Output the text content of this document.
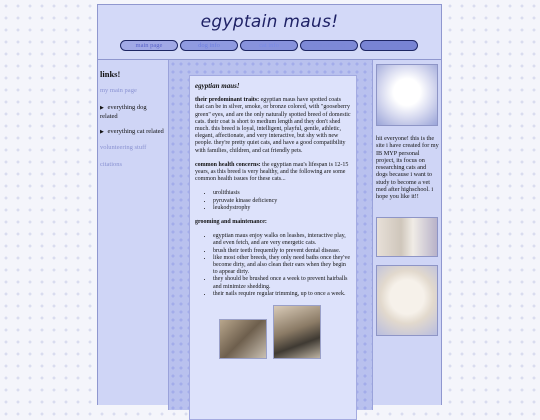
egyptain maus!
main page	dog info	cat info	volunteering	citations
links!
my main page
▶ everything dog related
▶ everything cat related
volunteering stuff
citations
egyptian maus!

their predominant traits: egyptian maus have spotted coats that can be in silver, smoke, or bronze colored, with "gooseberry green" eyes, and are the only naturally spotted breed of domestic cats. their coat is short to medium length and they don't shed much. this breed is loyal, intelligent, playful, gentle, athletic, elegant, affectionate, and very interactive, but shy with new people. they're pretty quiet cats, and have a good compatibility with families, children, and cat friendly pets.

common health concerns: the egyptian mau's lifespan is 12-15 years, as this breed is very healthy, and the following are some common health issues for these cats...

• urolithiasis
• pyruvate kinase deficiency
• leukodystrophy

grooming and maintenance:

• egyptian maus enjoy walks on leashes, interactive play, and even fetch, and are very energetic cats.
• brush their teeth frequently to prevent dental disease.
• like most other breeds, they only need baths once they've become dirty, and also clean their ears when they begin to appear dirty.
• they should be brushed once a week to prevent hairballs and minimize shedding.
• their nails require regular trimming, up to once a week.
hii everyone! this is the site i have created for my IB MYP personal project, its focus on researching cats and dogs because i want to study to become a vet med after highschool. i hope you like it!!
